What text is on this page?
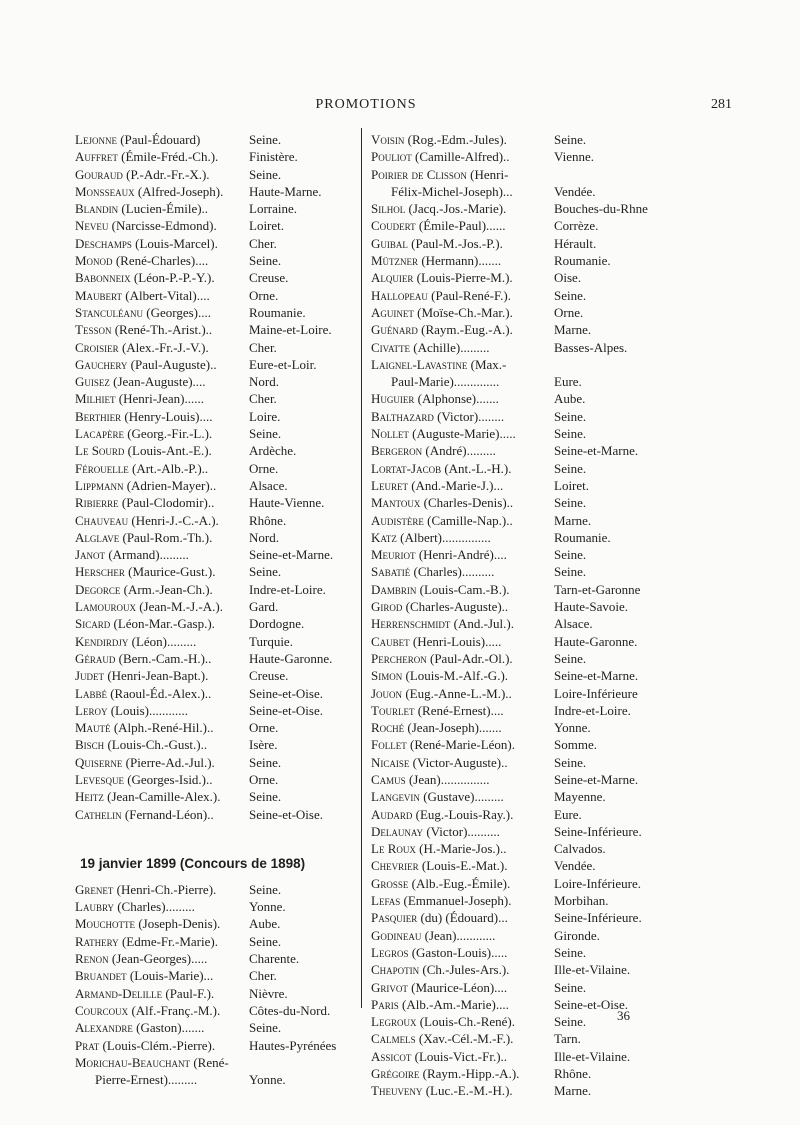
PROMOTIONS	281
Lejonne (Paul-Édouard)	Seine.
Auffret (Émile-Fréd.-Ch.). Finistère.
Gouraud (P.-Adr.-Fr.-X.).	Seine.
Monsseaux (Alfred-Joseph). Haute-Marne.
Blandin (Lucien-Émile)..	Lorraine.
Neveu (Narcisse-Edmond). Loiret.
Deschamps (Louis-Marcel). Cher.
Monod (René-Charles)....	Seine.
Babonneix (Léon-P.-P.-Y.).	Creuse.
Maubert (Albert-Vital)....	Orne.
Stanculéanu (Georges)....	Roumanie.
Tesson (René-Th.-Arist.)..	Maine-et-Loire.
Croisier (Alex.-Fr.-J.-V.).	Cher.
Gauchery (Paul-Auguste).. Eure-et-Loir.
Guisez (Jean-Auguste)....	Nord.
Milhiet (Henri-Jean)......	Cher.
Berthier (Henry-Louis)....	Loire.
Lacapère (Georg.-Fir.-L.).	Seine.
Le Sourd (Louis-Ant.-E.).	Ardèche.
Férouelle (Art.-Alb.-P.)..	Orne.
Lippmann (Adrien-Mayer)..	Alsace.
Ribierre (Paul-Clodomir)..	Haute-Vienne.
Chauveau (Henri-J.-C.-A.). Rhône.
Alglave (Paul-Rom.-Th.).	Nord.
Janot (Armand).........	Seine-et-Marne.
Herscher (Maurice-Gust.).	Seine.
Degorce (Arm.-Jean-Ch.).	Indre-et-Loire.
Lamouroux (Jean-M.-J.-A.). Gard.
Sicard (Léon-Mar.-Gasp.).	Dordogne.
Kendirdjy (Léon).........	Turquie.
Géraud (Bern.-Cam.-H.)..	Haute-Garonne.
Judet (Henri-Jean-Bapt.).	Creuse.
Labbé (Raoul-Éd.-Alex.)..	Seine-et-Oise.
Leroy (Louis)............	Seine-et-Oise.
Mauté (Alph.-René-Hil.)..	Orne.
Bisch (Louis-Ch.-Gust.)..	Isère.
Quiserne (Pierre-Ad.-Jul.).	Seine.
Levesque (Georges-Isid.)..	Orne.
Heitz (Jean-Camille-Alex.). Seine.
Cathelin (Fernand-Léon)..	Seine-et-Oise.
19 janvier 1899 (Concours de 1898)
Grenet (Henri-Ch.-Pierre).	Seine.
Laubry (Charles).........	Yonne.
Mouchotte (Joseph-Denis). Aube.
Rathery (Edme-Fr.-Marie). Seine.
Renon (Jean-Georges).....	Charente.
Bruandet (Louis-Marie)...	Cher.
Armand-Delille (Paul-F.).	Nièvre.
Courcoux (Alf.-Franç.-M.). Côtes-du-Nord.
Alexandre (Gaston).......	Seine.
Prat (Louis-Clém.-Pierre).	Hautes-Pyrénées
Morichau-Beauchant (René-
Pierre-Ernest).........	Yonne.
Voisin (Rog.-Edm.-Jules).	Seine.
Pouliot (Camille-Alfred)..	Vienne.
Poirier de Clisson (Henri-
Félix-Michel-Joseph)...	Vendée.
Silhol (Jacq.-Jos.-Marie).	Bouches-du-Rhne
Coudert (Émile-Paul)......	Corrèze.
Guibal (Paul-M.-Jos.-P.).	Hérault.
Mützner (Hermann).......	Roumanie.
Alquier (Louis-Pierre-M.).	Oise.
Hallopeau (Paul-René-F.).	Seine.
Aguinet (Moïse-Ch.-Mar.).	Orne.
Guénard (Raym.-Eug.-A.).	Marne.
Civatte (Achille).........	Basses-Alpes.
Laignel-Lavastine (Max.-
Paul-Marie)..............	Eure.
Huguier (Alphonse).......	Aube.
Balthazard (Victor)........	Seine.
Nollet (Auguste-Marie).....	Seine.
Bergeron (André).........	Seine-et-Marne.
Lortat-Jacob (Ant.-L.-H.).	Seine.
Leuret (And.-Marie-J.)...	Loiret.
Mantoux (Charles-Denis)..	Seine.
Audistère (Camille-Nap.)..	Marne.
Katz (Albert)...............	Roumanie.
Meuriot (Henri-André)....	Seine.
Sabatié (Charles)..........	Seine.
Dambrin (Louis-Cam.-B.).	Tarn-et-Garonne
Girod (Charles-Auguste)..	Haute-Savoie.
Herrenschmidt (And.-Jul.).	Alsace.
Caubet (Henri-Louis).....	Haute-Garonne.
Percheron (Paul-Adr.-Ol.).	Seine.
Simon (Louis-M.-Alf.-G.).	Seine-et-Marne.
Jouon (Eug.-Anne-L.-M.)..	Loire-Inférieure
Tourlet (René-Ernest)....	Indre-et-Loire.
Roché (Jean-Joseph).......	Yonne.
Follet (René-Marie-Léon).	Somme.
Nicaise (Victor-Auguste)..	Seine.
Camus (Jean)...............	Seine-et-Marne.
Langevin (Gustave).........	Mayenne.
Audard (Eug.-Louis-Ray.).	Eure.
Delaunay (Victor)..........	Seine-Inférieure.
Le Roux (H.-Marie-Jos.)..	Calvados.
Chevrier (Louis-E.-Mat.).	Vendée.
Grosse (Alb.-Eug.-Émile).	Loire-Inférieure.
Lefas (Emmanuel-Joseph).	Morbihan.
Pasquier (du) (Édouard)...	Seine-Inférieure.
Godineau (Jean)............	Gironde.
Legros (Gaston-Louis).....	Seine.
Chapotin (Ch.-Jules-Ars.).	Ille-et-Vilaine.
Grivot (Maurice-Léon)....	Seine.
Paris (Alb.-Am.-Marie)....	Seine-et-Oise.
Legroux (Louis-Ch.-René).	Seine.
Calmels (Xav.-Cél.-M.-F.).	Tarn.
Assicot (Louis-Vict.-Fr.)..	Ille-et-Vilaine.
Grégoire (Raym.-Hipp.-A.).	Rhône.
Theuveny (Luc.-E.-M.-H.).	Marne.
36
